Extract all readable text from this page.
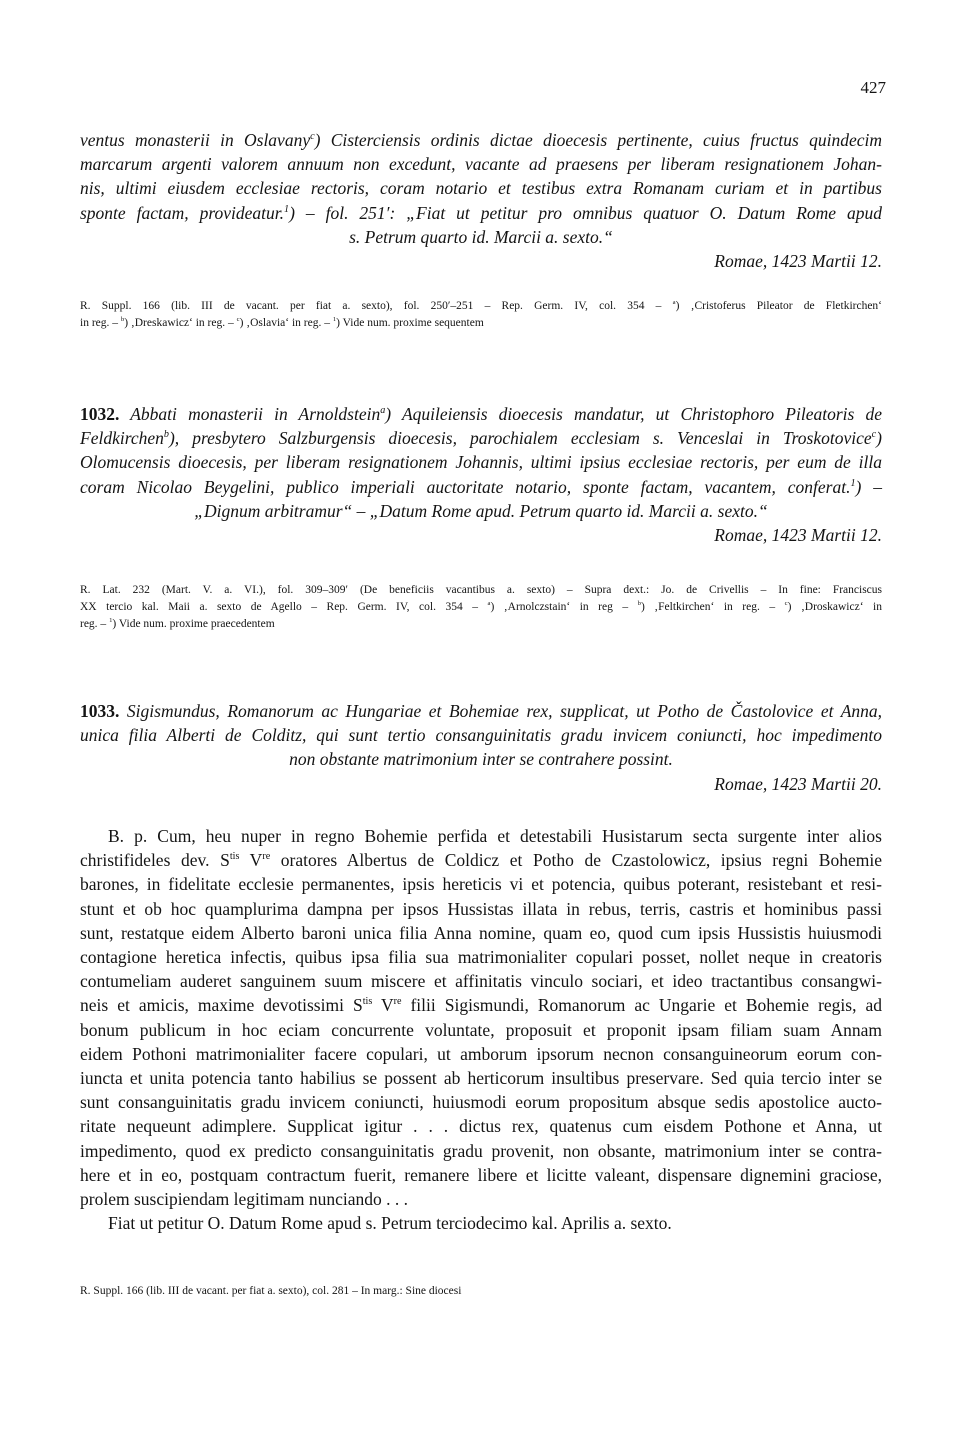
427
ventus monasterii in Oslavany$^c$) Cisterciensis ordinis dictae dioecesis pertinente, cuius fructus quindecim
marcarum argenti valorem annuum non excedunt, vacante ad praesens per liberam resignationem Johan-
nis, ultimi eiusdem ecclesiae rectoris, coram notario et testibus extra Romanam curiam et in partibus
sponte factam, provideatur.$^1$) – fol. 251′: „Fiat ut petitur pro omnibus quatuor O. Datum Rome apud
s. Petrum quarto id. Marcii a. sexto.“
Romae, 1423 Martii 12.
R. Suppl. 166 (lib. III de vacant. per fiat a. sexto), fol. 250′–251 – Rep. Germ. IV, col. 354 – $^a$) ‚Cristoferus Pileator de Fletkirchen‘
in reg. – $^b$) ‚Dreskawicz‘ in reg. – $^c$) ‚Oslavia‘ in reg. – $^1$) Vide num. proxime sequentem
1032. Abbati monasterii in Arnoldstein$^a$) Aquileiensis dioecesis mandatur, ut Christophoro Pileatoris de
Feldkirchen$^b$), presbytero Salzburgensis dioecesis, parochialem ecclesiam s. Venceslai in Troskotovice$^c$)
Olomucensis dioecesis, per liberam resignationem Johannis, ultimi ipsius ecclesiae rectoris, per eum de illa
coram Nicolao Beygelini, publico imperiali auctoritate notario, sponte factam, vacantem, conferat.$^1$) –
„Dignum arbitramur“ – „Datum Rome apud. Petrum quarto id. Marcii a. sexto.“
Romae, 1423 Martii 12.
R. Lat. 232 (Mart. V. a. VI.), fol. 309–309′ (De beneficiis vacantibus a. sexto) – Supra dext.: Jo. de Crivellis – In fine: Franciscus
XX tercio kal. Maii a. sexto de Agello – Rep. Germ. IV, col. 354 – $^a$) ‚Arnolczstain‘ in reg – $^b$) ‚Feltkirchen‘ in reg. – $^c$) ‚Droskawicz‘ in
reg. – $^1$) Vide num. proxime praecedentem
1033. Sigismundus, Romanorum ac Hungariae et Bohemiae rex, supplicat, ut Potho de Častolovice et Anna,
unica filia Alberti de Colditz, qui sunt tertio consanguinitatis gradu invicem coniuncti, hoc impedimento
non obstante matrimonium inter se contrahere possint.
Romae, 1423 Martii 20.
B. p. Cum, heu nuper in regno Bohemie perfida et detestabili Husistarum secta surgente inter alios
christifideles dev. $S^{tis}$ Vre oratores Albertus de Coldicz et Potho de Czastolowicz, ipsius regni Bohemie
barones, in fidelitate ecclesie permanentes, ipsis hereticis vi et potencia, quibus poterant, resistebant et resi-
stunt et ob hoc quamplurima dampna per ipsos Hussistas illata in rebus, terris, castris et hominibus passi
sunt, restatque eidem Alberto baroni unica filia Anna nomine, quam eo, quod cum ipsis Hussistis huiusmodi
contagione heretica infectis, quibus ipsa filia sua matrimonialiter copulari posset, nollet neque in creatoris
contumeliam auderet sanguinem suum miscere et affinitatis vinculo sociari, et ideo tractantibus consangwi-
neis et amicis, maxime devotissimi $S^{tis}$ Vre filii Sigismundi, Romanorum ac Ungarie et Bohemie regis, ad
bonum publicum in hoc eciam concurrente voluntate, proposuit et proponit ipsam filiam suam Annam
eidem Pothoni matrimonialiter facere copulari, ut amborum ipsorum necnon consanguineorum eorum con-
iuncta et unita potencia tanto habilius se possent ab herticorum insultibus preservare. Sed quia tercio inter se
sunt consanguinitatis gradu invicem coniuncti, huiusmodi eorum propositum absque sedis apostolice aucto-
ritate nequeunt adimplere. Supplicat igitur . . . dictus rex, quatenus cum eisdem Pothone et Anna, ut
impedimento, quod ex predicto consanguinitatis gradu provenit, non obsante, matrimonium inter se contra-
here et in eo, postquam contractum fuerit, remanere libere et licitte valeant, dispensare dignemini graciose,
prolem suscipiendam legitimam nunciando . . .
Fiat ut petitur O. Datum Rome apud s. Petrum terciodecimo kal. Aprilis a. sexto.
R. Suppl. 166 (lib. III de vacant. per fiat a. sexto), col. 281 – In marg.: Sine diocesi
